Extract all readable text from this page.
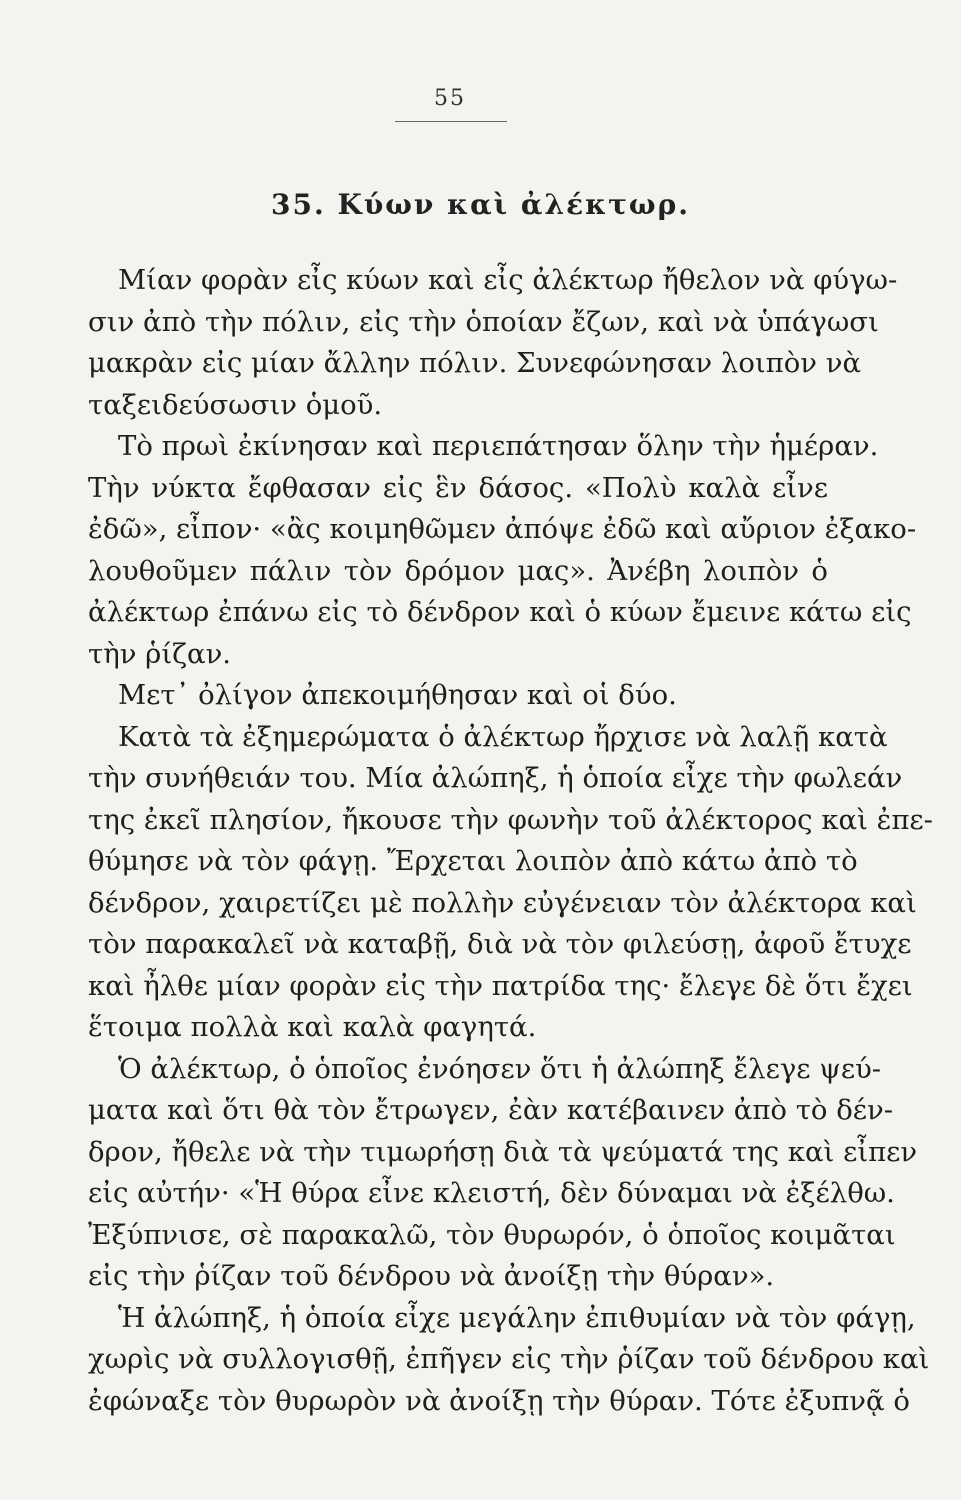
55
35. Κύων καὶ ἀλέκτωρ.
Μίαν φορὰν εἶς κύων καὶ εἶς ἀλέκτωρ ἤθελον νὰ φύγω-
σιν ἀπὸ τὴν πόλιν, εἰς τὴν ὁποίαν ἔζων, καὶ νὰ ὑπάγωσι
μακρὰν εἰς μίαν ἄλλην πόλιν. Συνεφώνησαν λοιπὸν νὰ
ταξειδεύσωσιν ὁμοῦ.
Τὸ πρωὶ ἐκίνησαν καὶ περιεπάτησαν ὅλην τὴν ἡμέραν.
Τὴν νύκτα ἔφθασαν εἰς ἓν δάσος. «Πολὺ καλὰ εἶνε
ἐδῶ», εἶπον· «ἂς κοιμηθῶμεν ἀπόψε ἐδῶ καὶ αὔριον ἐξακο-
λουθοῦμεν πάλιν τὸν δρόμον μας». Ἀνέβη λοιπὸν ὁ
ἀλέκτωρ ἐπάνω εἰς τὸ δένδρον καὶ ὁ κύων ἔμεινε κάτω εἰς
τὴν ῥίζαν.
Μετ᾽ ὀλίγον ἀπεκοιμήθησαν καὶ οἱ δύο.
Κατὰ τὰ ἐξημερώματα ὁ ἀλέκτωρ ἤρχισε νὰ λαλῇ κατὰ
τὴν συνήθειάν του. Μία ἀλώπηξ, ἡ ὁποία εἶχε τὴν φωλεάν
της ἐκεῖ πλησίον, ἤκουσε τὴν φωνὴν τοῦ ἀλέκτορος καὶ ἐπε-
θύμησε νὰ τὸν φάγῃ. Ἔρχεται λοιπὸν ἀπὸ κάτω ἀπὸ τὸ
δένδρον, χαιρετίζει μὲ πολλὴν εὐγένειαν τὸν ἀλέκτορα καὶ
τὸν παρακαλεῖ νὰ καταβῇ, διὰ νὰ τὸν φιλεύσῃ, ἀφοῦ ἔτυχε
καὶ ἦλθε μίαν φορὰν εἰς τὴν πατρίδα της· ἔλεγε δὲ ὅτι ἔχει
ἕτοιμα πολλὰ καὶ καλὰ φαγητά.
Ὁ ἀλέκτωρ, ὁ ὁποῖος ἐνόησεν ὅτι ἡ ἀλώπηξ ἔλεγε ψεύ-
ματα καὶ ὅτι θὰ τὸν ἔτρωγεν, ἐὰν κατέβαινεν ἀπὸ τὸ δέν-
δρον, ἤθελε νὰ τὴν τιμωρήσῃ διὰ τὰ ψεύματά της καὶ εἶπεν
εἰς αὐτήν· «Ἡ θύρα εἶνε κλειστή, δὲν δύναμαι νὰ ἐξέλθω.
Ἐξύπνισε, σὲ παρακαλῶ, τὸν θυρωρόν, ὁ ὁποῖος κοιμᾶται
εἰς τὴν ῥίζαν τοῦ δένδρου νὰ ἀνοίξῃ τὴν θύραν».
Ἡ ἀλώπηξ, ἡ ὁποία εἶχε μεγάλην ἐπιθυμίαν νὰ τὸν φάγῃ,
χωρὶς νὰ συλλογισθῇ, ἐπῆγεν εἰς τὴν ῥίζαν τοῦ δένδρου καὶ
ἐφώναξε τὸν θυρωρὸν νὰ ἀνοίξῃ τὴν θύραν. Τότε ἐξυπνᾷ ὁ
